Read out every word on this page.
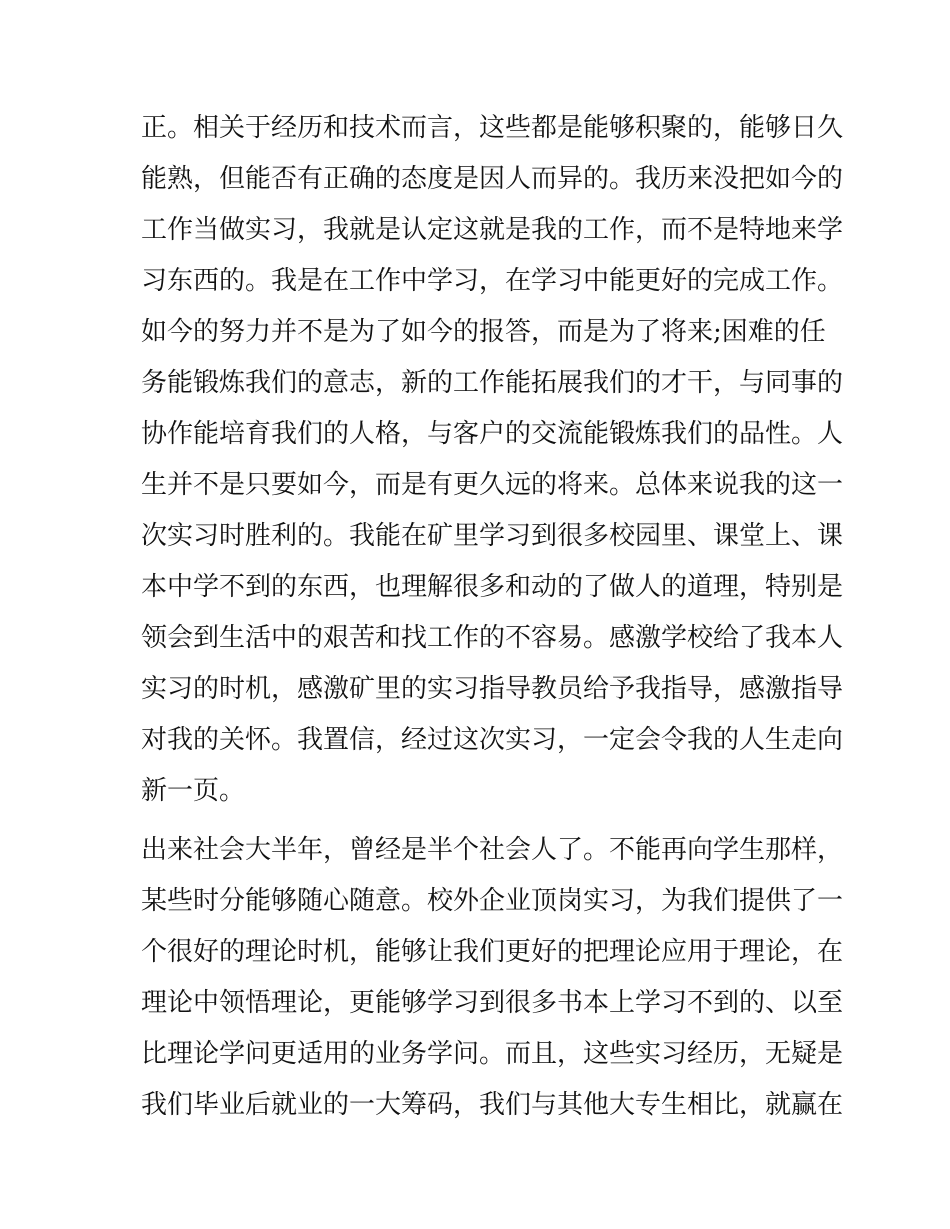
正。相关于经历和技术而言，这些都是能够积聚的，能够日久

能熟，但能否有正确的态度是因人而异的。我历来没把如今的

工作当做实习，我就是认定这就是我的工作，而不是特地来学

习东西的。我是在工作中学习，在学习中能更好的完成工作。

如今的努力并不是为了如今的报答，而是为了将来;困难的任

务能锻炼我们的意志，新的工作能拓展我们的才干，与同事的

协作能培育我们的人格，与客户的交流能锻炼我们的品性。人

生并不是只要如今，而是有更久远的将来。总体来说我的这一

次实习时胜利的。我能在矿里学习到很多校园里、课堂上、课

本中学不到的东西，也理解很多和动的了做人的道理，特别是

领会到生活中的艰苦和找工作的不容易。感激学校给了我本人

实习的时机，感激矿里的实习指导教员给予我指导，感激指导

对我的关怀。我置信，经过这次实习，一定会令我的人生走向

新一页。

出来社会大半年，曾经是半个社会人了。不能再向学生那样，

某些时分能够随心随意。校外企业顶岗实习，为我们提供了一

个很好的理论时机，能够让我们更好的把理论应用于理论，在

理论中领悟理论，更能够学习到很多书本上学习不到的、以至

比理论学问更适用的业务学问。而且，这些实习经历，无疑是

我们毕业后就业的一大筹码，我们与其他大专生相比，就赢在
